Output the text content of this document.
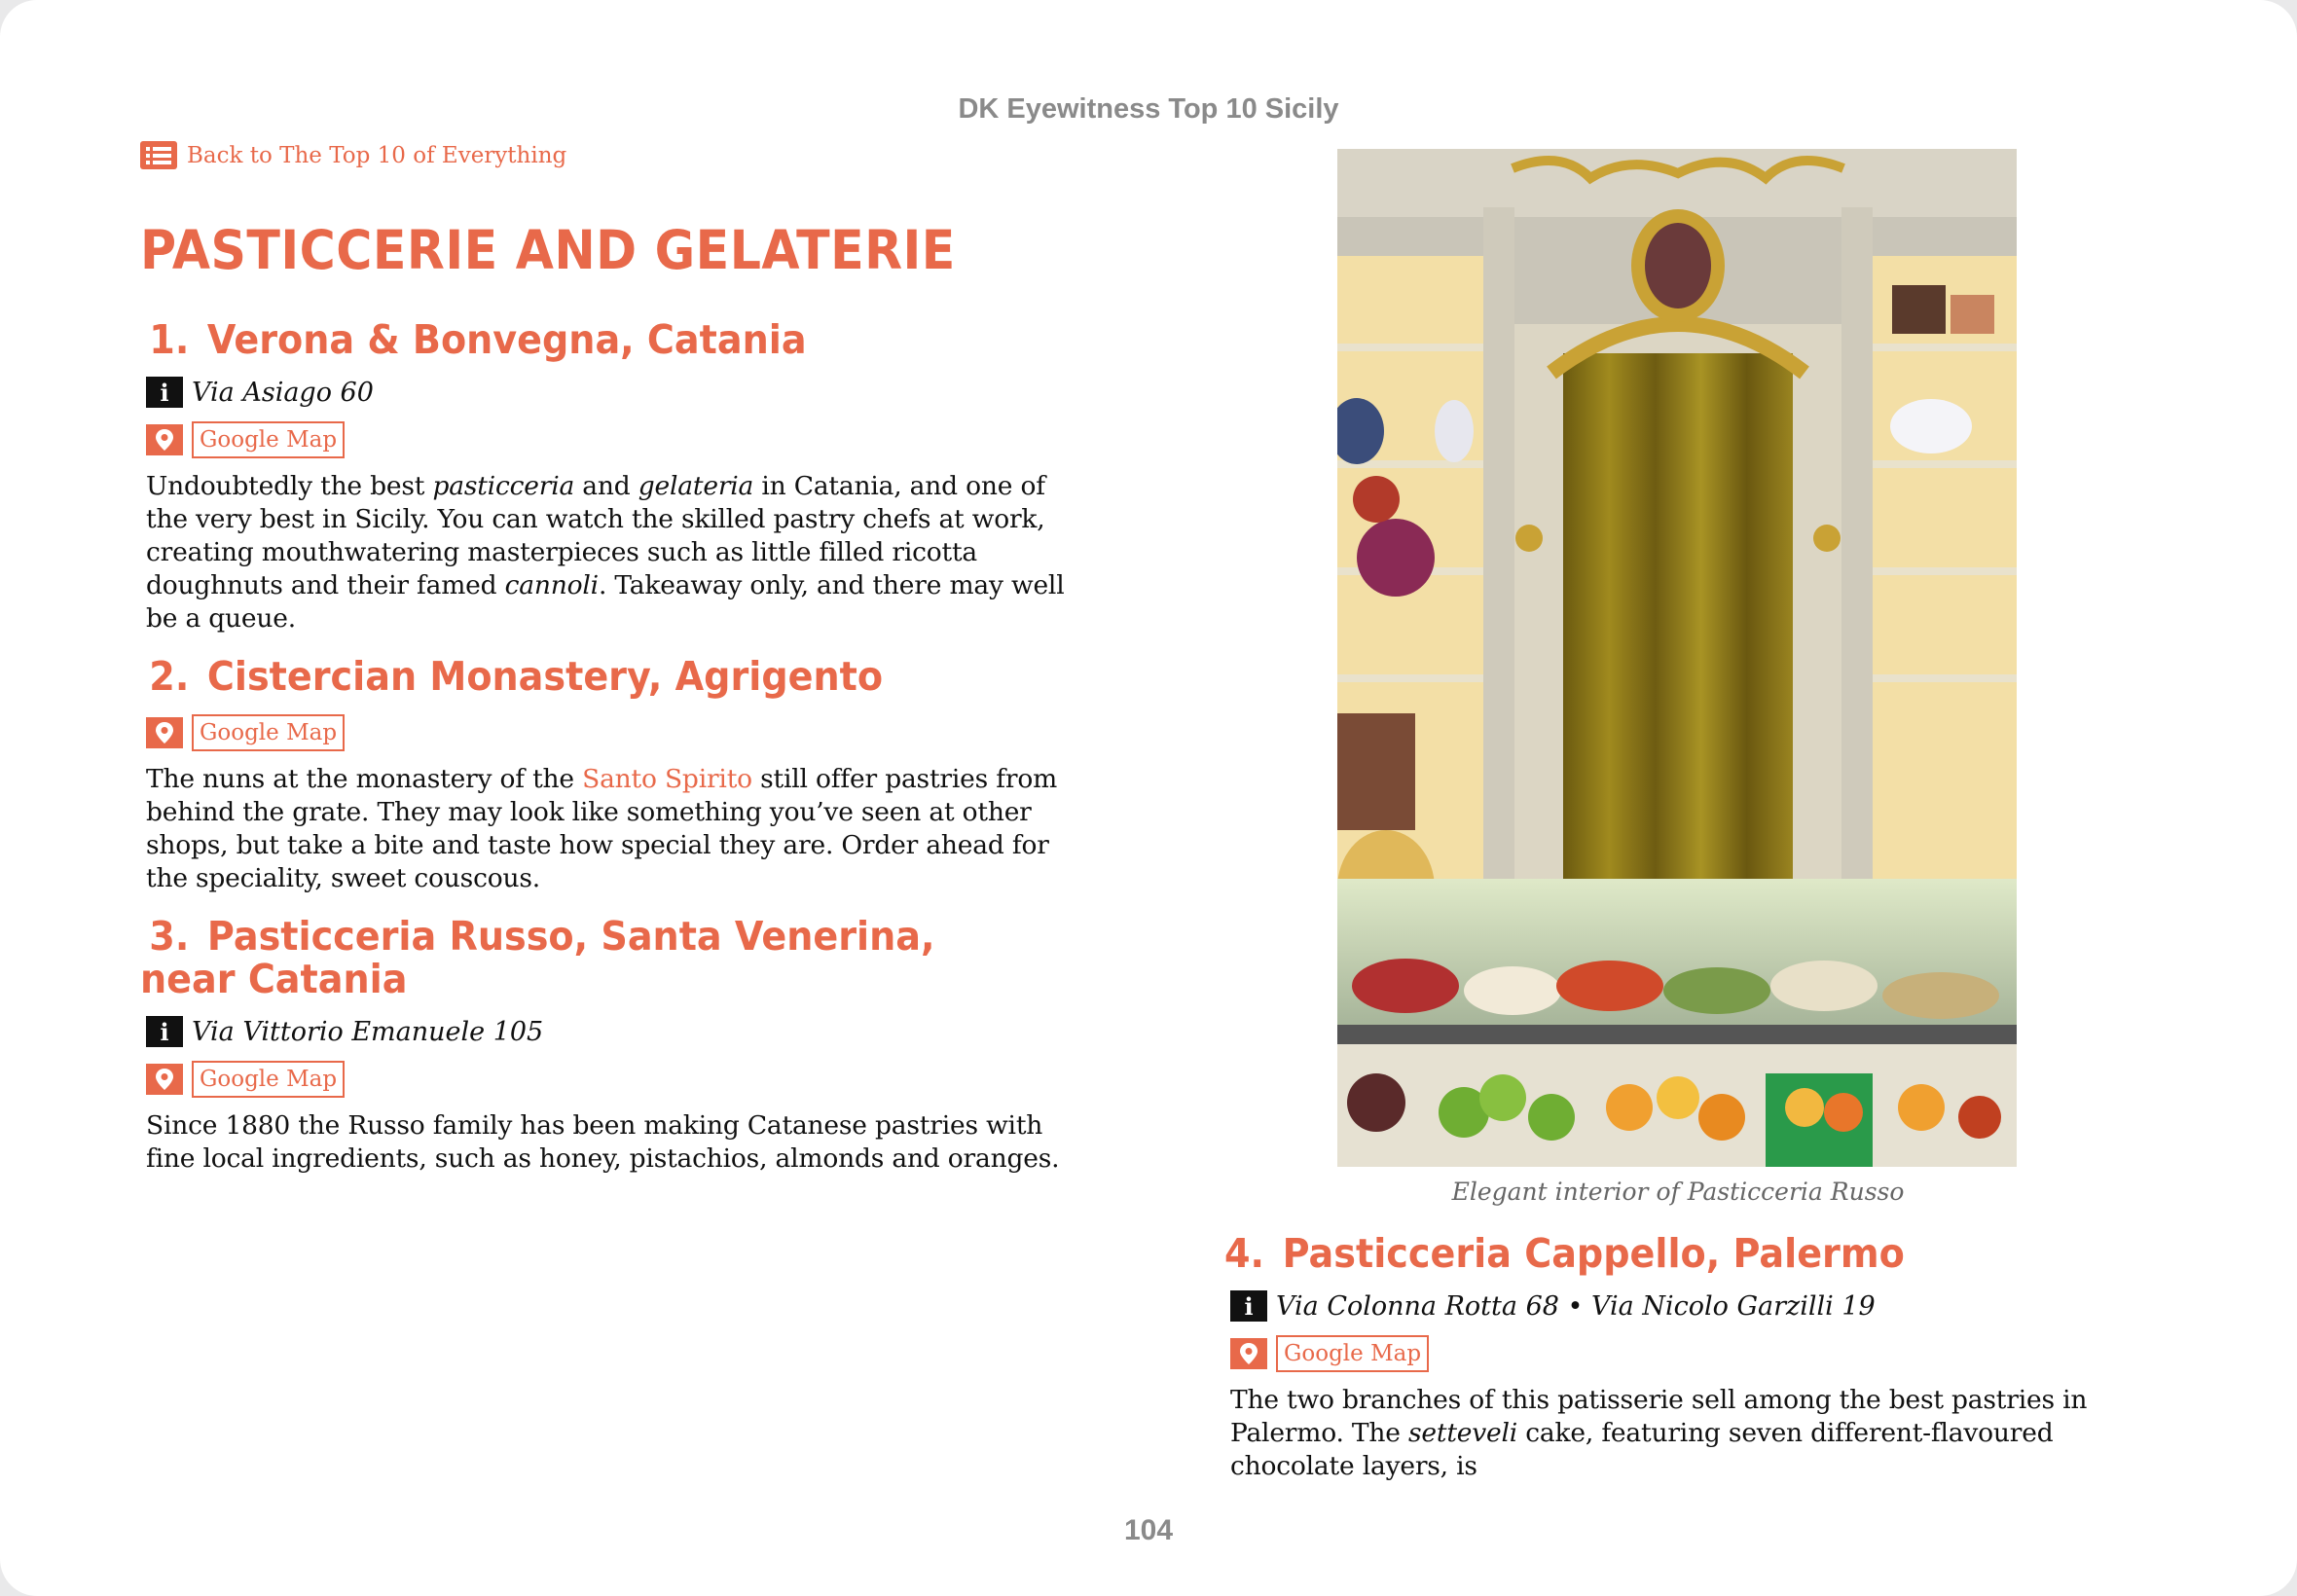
DK Eyewitness Top 10 Sicily
Back to The Top 10 of Everything
PASTICCERIE AND GELATERIE
1. Verona & Bonvegna, Catania
i Via Asiago 60
Google Map

Undoubtedly the best pasticceria and gelateria in Catania, and one of the very best in Sicily. You can watch the skilled pastry chefs at work, creating mouthwatering masterpieces such as little filled ricotta doughnuts and their famed cannoli. Takeaway only, and there may well be a queue.

2. Cistercian Monastery, Agrigento
Google Map

The nuns at the monastery of the Santo Spirito still offer pastries from behind the grate. They may look like something you’ve seen at other shops, but take a bite and taste how special they are. Order ahead for the speciality, sweet couscous.

3. Pasticceria Russo, Santa Venerina, near Catania
i Via Vittorio Emanuele 105
Google Map

Since 1880 the Russo family has been making Catanese pastries with fine local ingredients, such as honey, pistachios, almonds and oranges.

Elegant interior of Pasticceria Russo
4. Pasticceria Cappello, Palermo
i Via Colonna Rotta 68 • Via Nicolo Garzilli 19
Google Map

The two branches of this patisserie sell among the best pastries in Palermo. The setteveli cake, featuring seven different-flavoured chocolate layers, is

104
